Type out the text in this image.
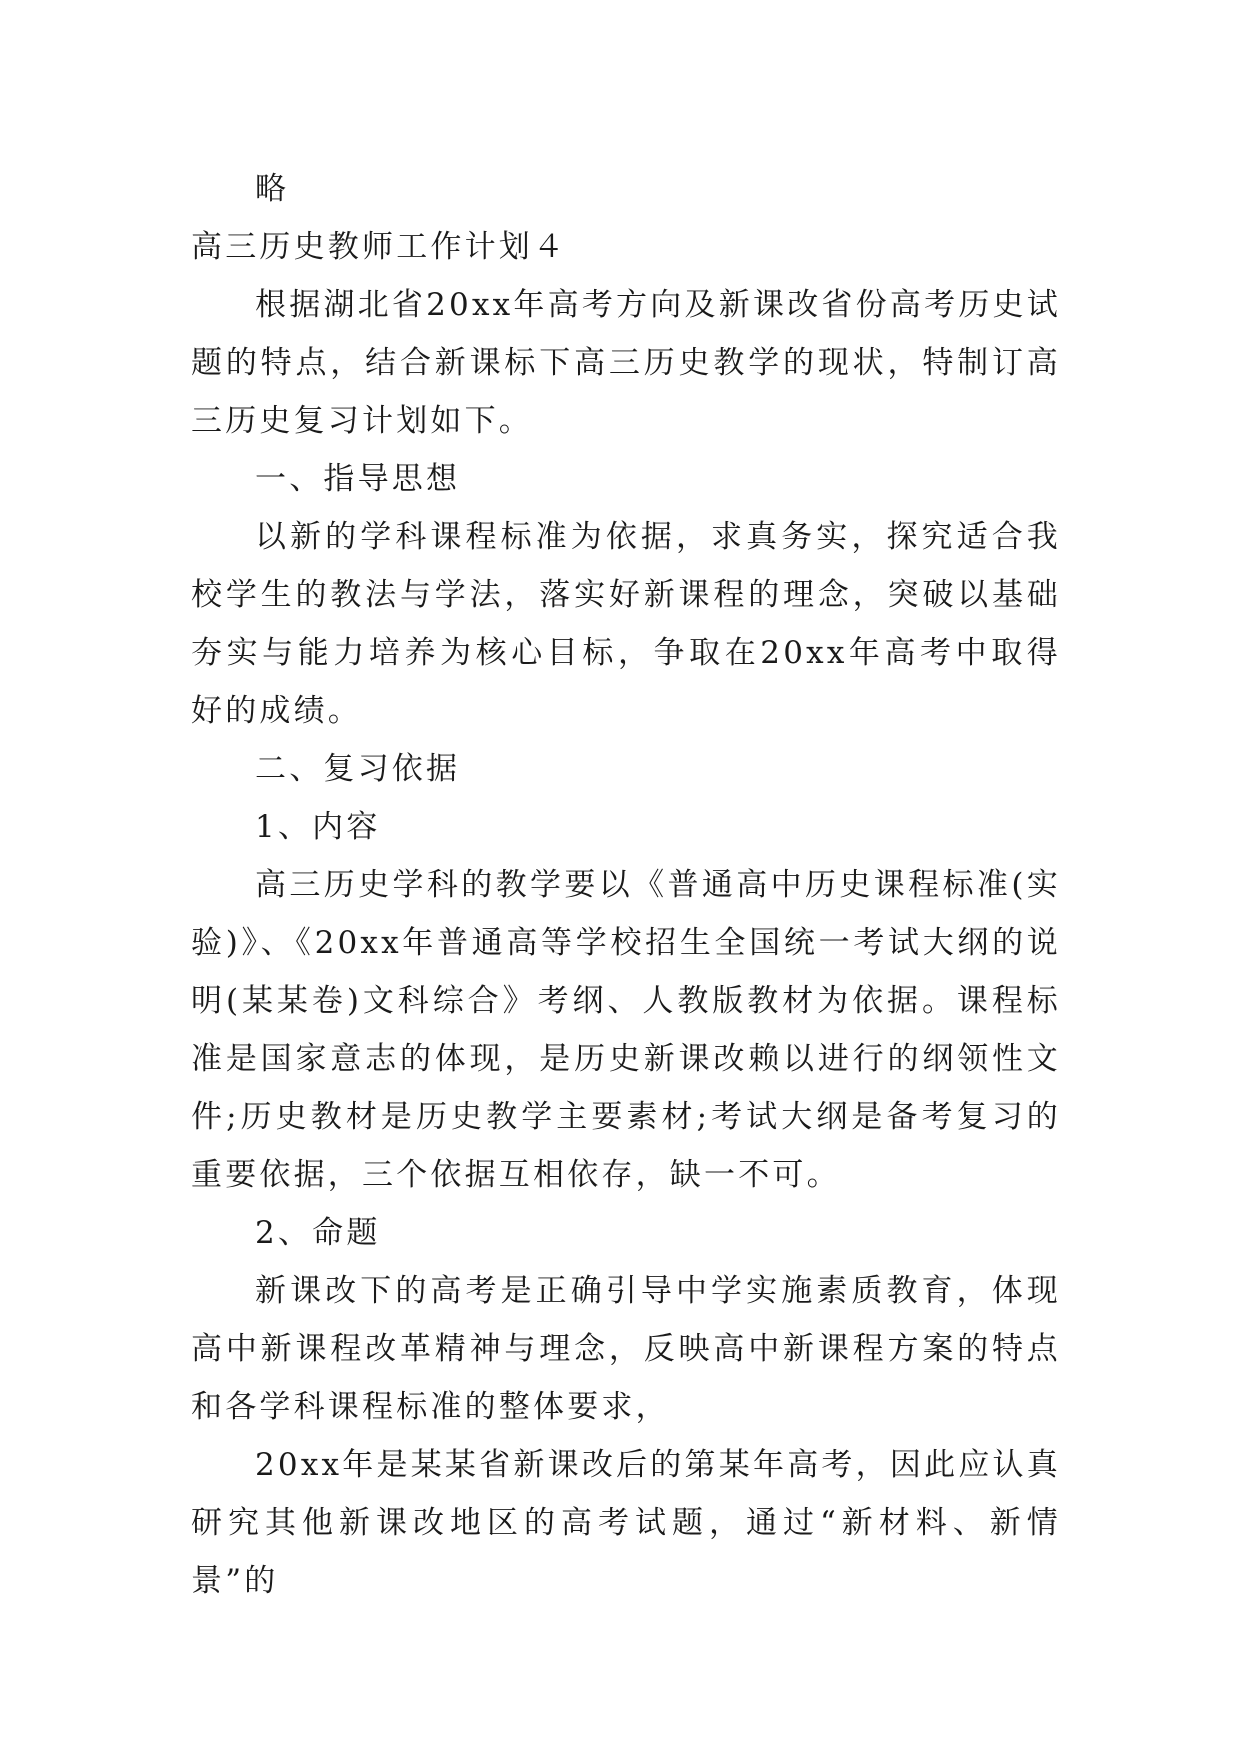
略

高三历史教师工作计划４

根据湖北省20xx年高考方向及新课改省份高考历史试题的特点，结合新课标下高三历史教学的现状，特制订高三历史复习计划如下。

一、指导思想

以新的学科课程标准为依据，求真务实，探究适合我校学生的教法与学法，落实好新课程的理念，突破以基础夯实与能力培养为核心目标，争取在20xx年高考中取得好的成绩。

二、复习依据

1、内容

高三历史学科的教学要以《普通高中历史课程标准(实验)》、《20xx年普通高等学校招生全国统一考试大纲的说明(某某卷)文科综合》考纲、人教版教材为依据。课程标准是国家意志的体现，是历史新课改赖以进行的纲领性文件;历史教材是历史教学主要素材;考试大纲是备考复习的重要依据，三个依据互相依存，缺一不可。

2、命题

新课改下的高考是正确引导中学实施素质教育，体现高中新课程改革精神与理念，反映高中新课程方案的特点和各学科课程标准的整体要求，

20xx年是某某省新课改后的第某年高考，因此应认真研究其他新课改地区的高考试题，通过“新材料、新情景”的
